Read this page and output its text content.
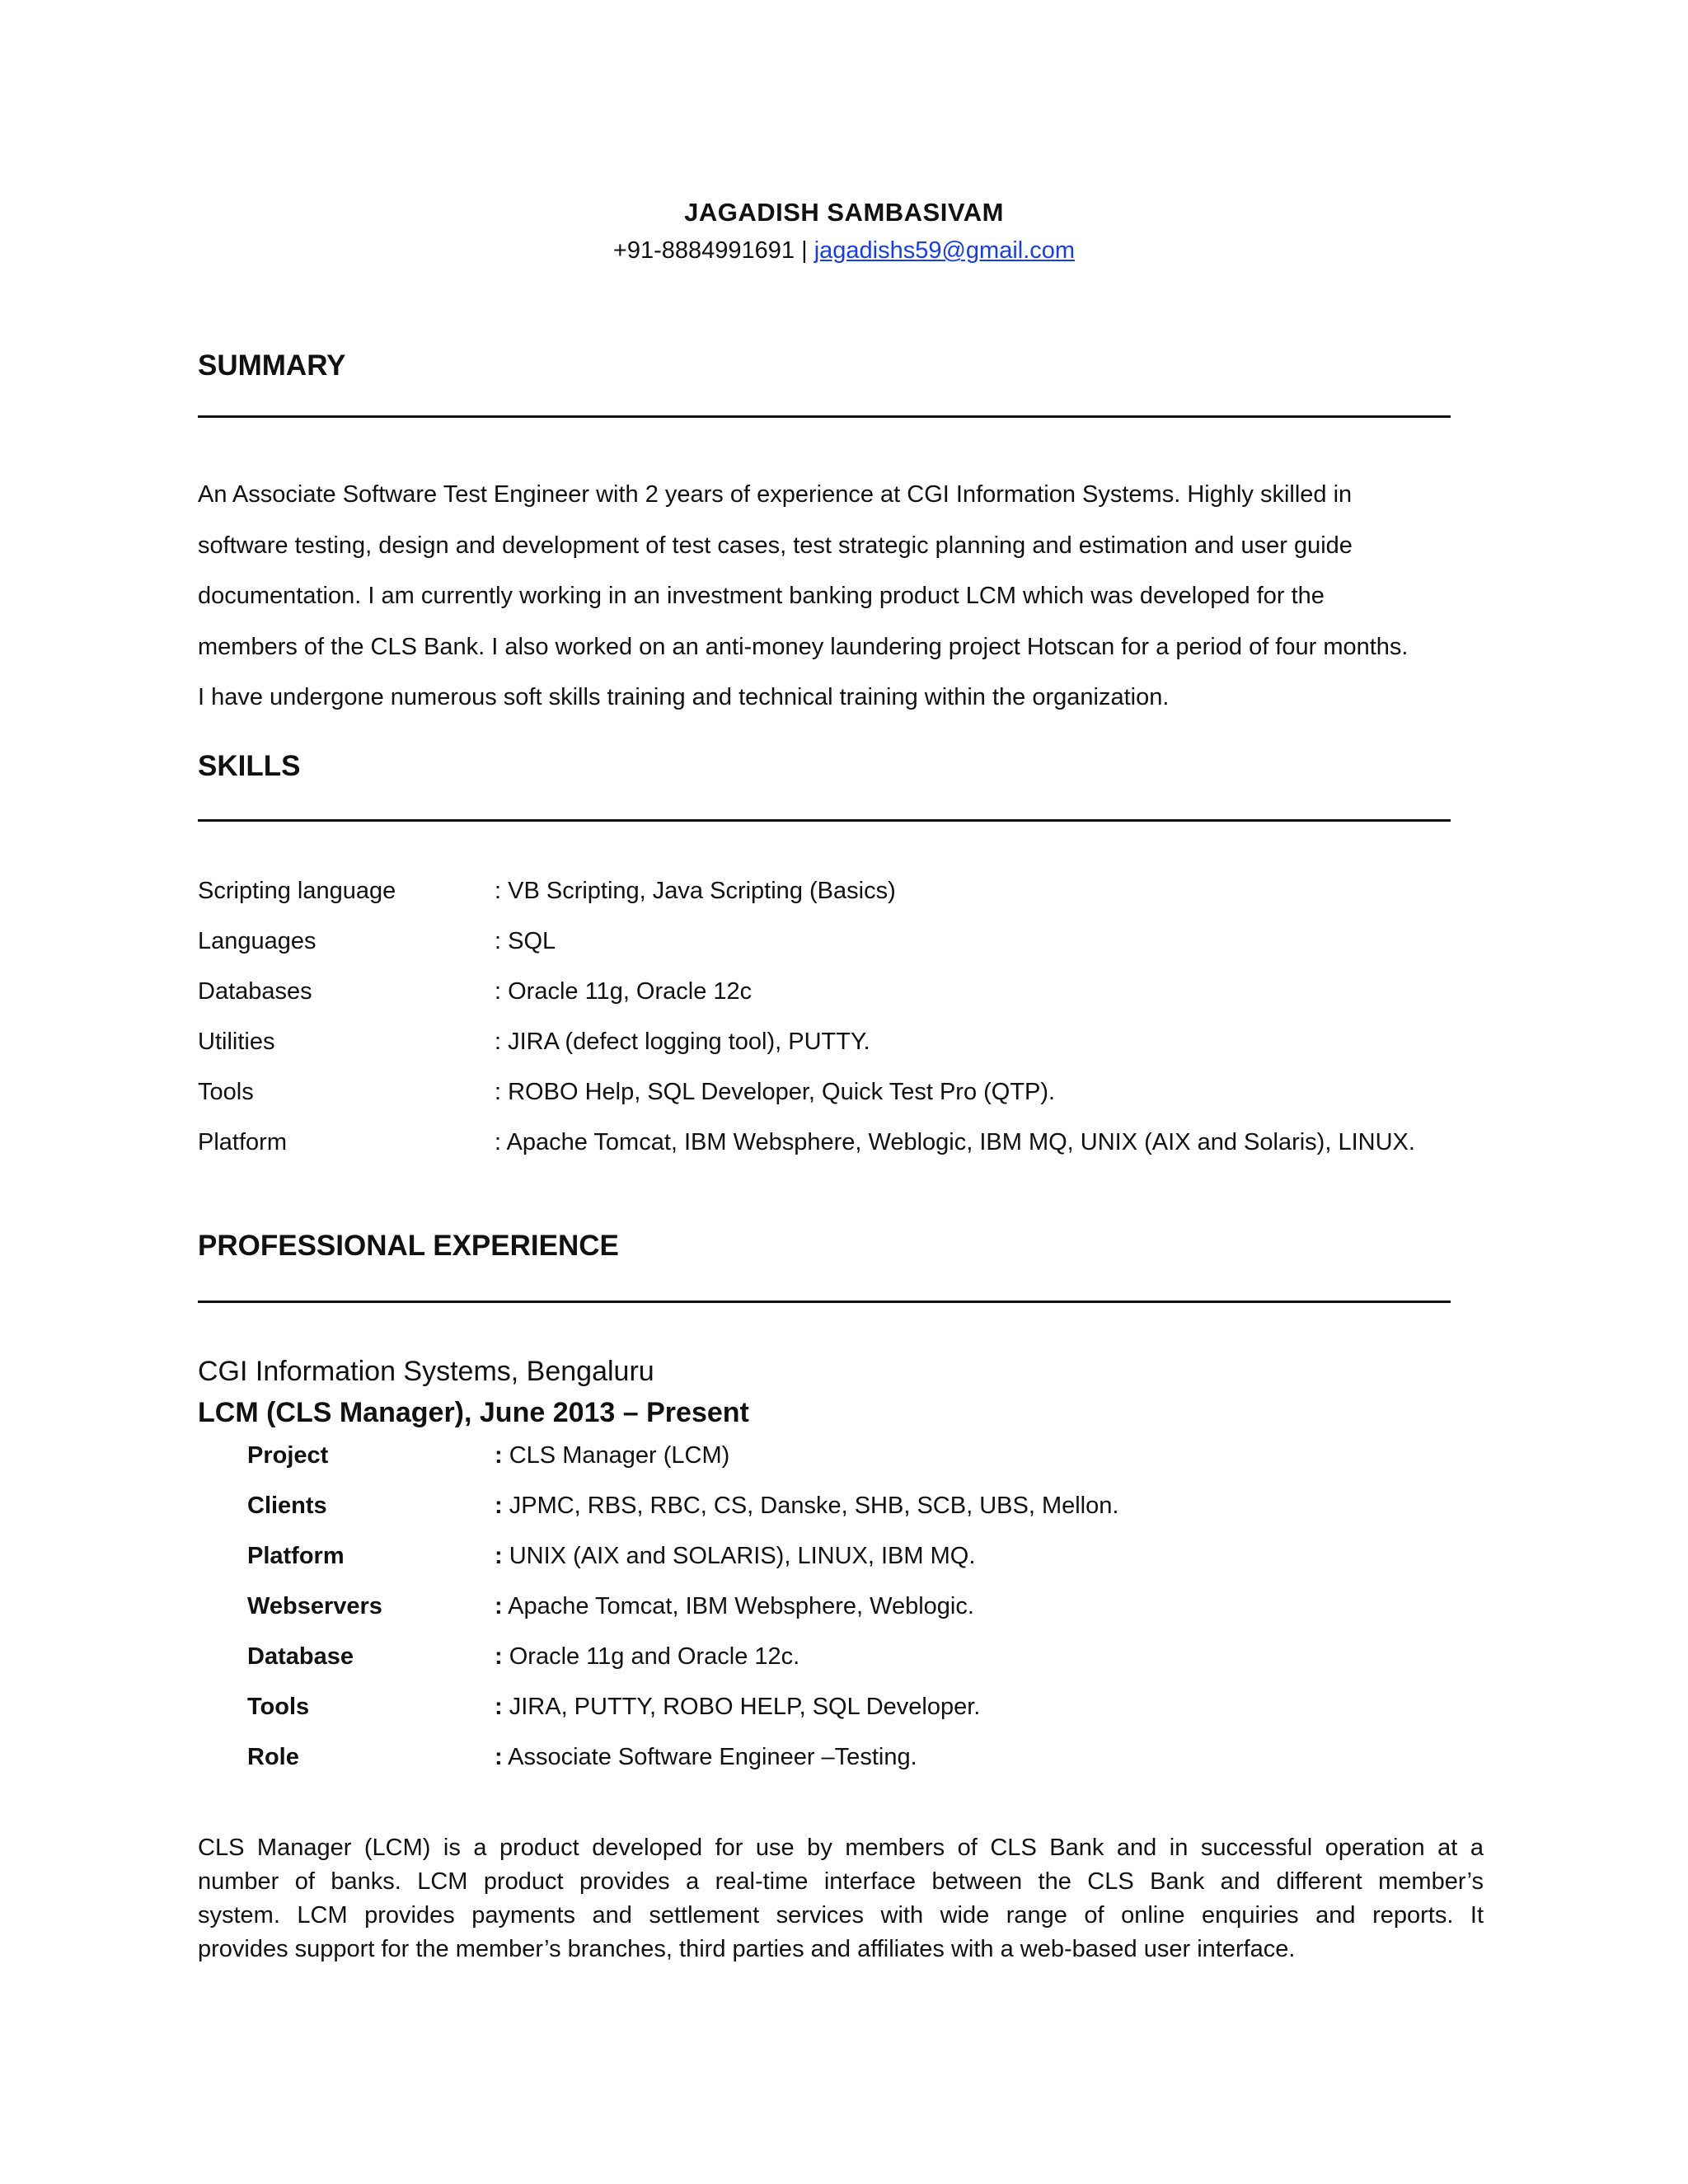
JAGADISH SAMBASIVAM
+91-8884991691 | jagadishs59@gmail.com
SUMMARY
An Associate Software Test Engineer with 2 years of experience at CGI Information Systems. Highly skilled in
software testing, design and development of test cases, test strategic planning and estimation and user guide
documentation. I am currently working in an investment banking product LCM which was developed for the
members of the CLS Bank. I also worked on an anti-money laundering project Hotscan for a period of four months.
I have undergone numerous soft skills training and technical training within the organization.
SKILLS
Scripting language	: VB Scripting, Java Scripting (Basics)
Languages	: SQL
Databases	: Oracle 11g, Oracle 12c
Utilities	: JIRA (defect logging tool), PUTTY.
Tools	: ROBO Help, SQL Developer, Quick Test Pro (QTP).
Platform	: Apache Tomcat, IBM Websphere, Weblogic, IBM MQ, UNIX (AIX and Solaris), LINUX.
PROFESSIONAL EXPERIENCE
CGI Information Systems, Bengaluru
LCM (CLS Manager), June 2013 – Present
Project	: CLS Manager (LCM)
Clients	: JPMC, RBS, RBC, CS, Danske, SHB, SCB, UBS, Mellon.
Platform	: UNIX (AIX and SOLARIS), LINUX, IBM MQ.
Webservers	: Apache Tomcat, IBM Websphere, Weblogic.
Database	: Oracle 11g and Oracle 12c.
Tools	: JIRA, PUTTY, ROBO HELP, SQL Developer.
Role	: Associate Software Engineer –Testing.
CLS Manager (LCM) is a product developed for use by members of CLS Bank and in successful operation at a
number of banks. LCM product provides a real-time interface between the CLS Bank and different member’s
system. LCM provides payments and settlement services with wide range of online enquiries and reports. It
provides support for the member’s branches, third parties and affiliates with a web-based user interface.
